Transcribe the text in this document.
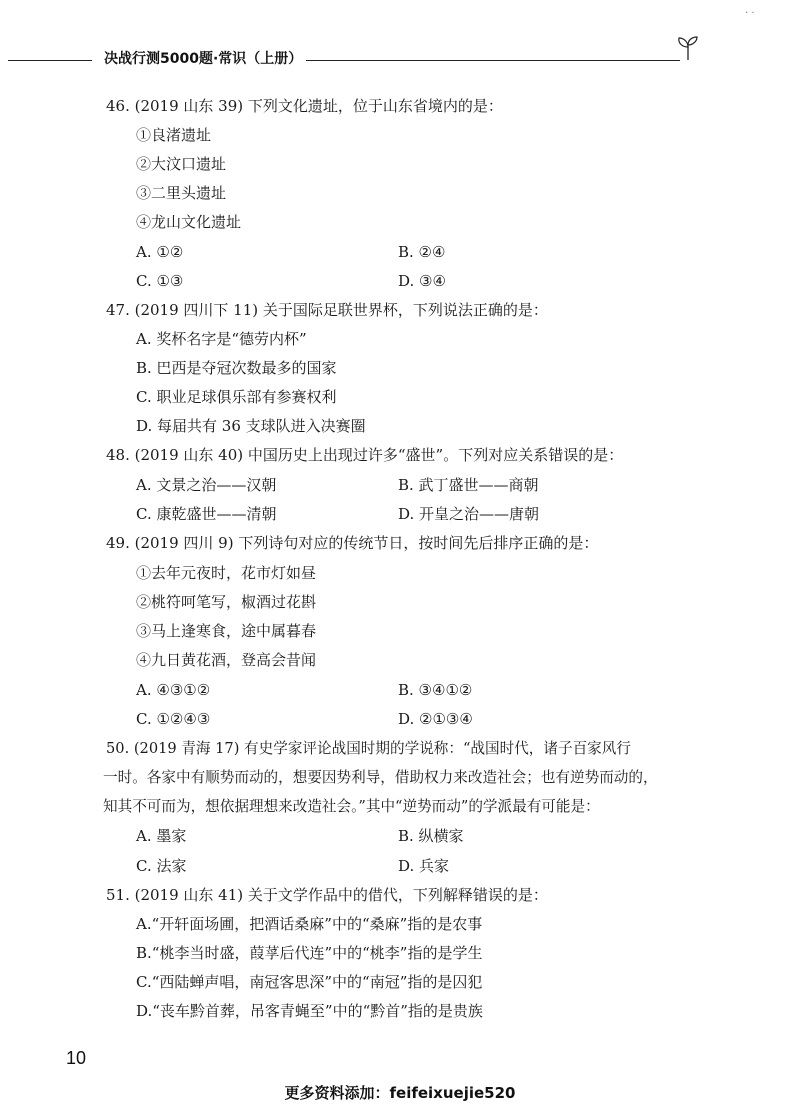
· ·
决战行测5000题·常识（上册）
46. (2019 山东 39) 下列文化遗址，位于山东省境内的是：
①良渚遗址
②大汶口遗址
③二里头遗址
④龙山文化遗址
A. ①②	B. ②④
C. ①③	D. ③④
47. (2019 四川下 11) 关于国际足联世界杯，下列说法正确的是：
A. 奖杯名字是“德劳内杯”
B. 巴西是夺冠次数最多的国家
C. 职业足球俱乐部有参赛权利
D. 每届共有 36 支球队进入决赛圈
48. (2019 山东 40) 中国历史上出现过许多“盛世”。下列对应关系错误的是：
A. 文景之治——汉朝	B. 武丁盛世——商朝
C. 康乾盛世——清朝	D. 开皇之治——唐朝
49. (2019 四川 9) 下列诗句对应的传统节日，按时间先后排序正确的是：
①去年元夜时，花市灯如昼
②桃符呵笔写，椒酒过花斟
③马上逢寒食，途中属暮春
④九日黄花酒，登高会昔闻
A. ④③①②	B. ③④①②
C. ①②④③	D. ②①③④
50. (2019 青海 17) 有史学家评论战国时期的学说称：“战国时代，诸子百家风行
一时。各家中有顺势而动的，想要因势利导，借助权力来改造社会；也有逆势而动的，
知其不可而为，想依据理想来改造社会。”其中“逆势而动”的学派最有可能是：
A. 墨家	B. 纵横家
C. 法家	D. 兵家
51. (2019 山东 41) 关于文学作品中的借代，下列解释错误的是：
A.“开轩面场圃，把酒话桑麻”中的“桑麻”指的是农事
B.“桃李当时盛，葭莩后代连”中的“桃李”指的是学生
C.“西陆蝉声唱，南冠客思深”中的“南冠”指的是囚犯
D.“丧车黔首葬，吊客青蝇至”中的“黔首”指的是贵族
10
更多资料添加：feifeixuejie520
